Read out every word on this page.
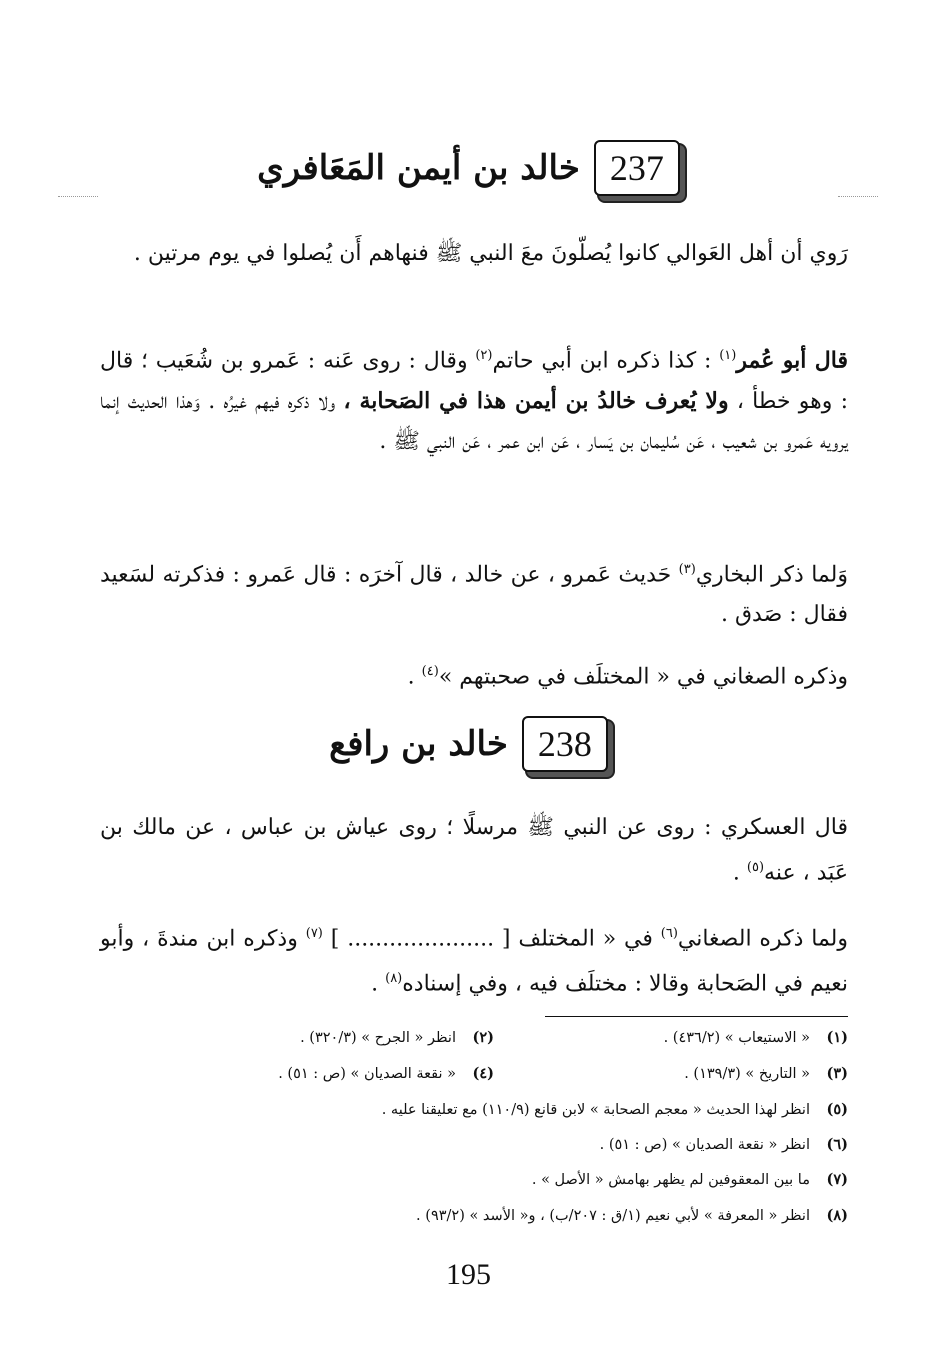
237
خالد بن أيمن المَعَافري
رَوي أن أهل العَوالي كانوا يُصلّونَ معَ النبي ﷺ فنهاهم أَن يُصلوا في يوم مرتين .
قال أبو عُمر$^{(١)}$ : كذا ذكره ابن أبي حاتم$^{(٢)}$ وقال : روى عَنه : عَمرو بن شُعَيب ؛ قال : وهو خطأ ، ولا يُعرف خالدُ بن أيمن هذا في الصَحابة ، ولا ذكره فيهم غيرُه . وَهذا الحديث إنما يرويه عَمرو بن شعيب ، عَن سُليمان بن يَسار ، عَن ابن عمر ، عَن النبي ﷺ .
وَلما ذكر البخاري$^{(٣)}$ حَديث عَمرو ، عن خالد ، قال آخرَه : قال عَمرو : فذكرته لسَعيد فقال : صَدق .
وذكره الصغاني في « المختلَف في صحبتهم »$^{(٤)}$ .
238
خالد بن رافع
قال العسكري : روى عن النبي ﷺ مرسلًا ؛ روى عياش بن عباس ، عن مالك بن عَبَد ، عنه$^{(٥)}$ .
ولما ذكره الصغاني$^{(٦)}$ في « المختلف [ ..................... ] $^{(٧)}$ وذكره ابن مندةَ ، وأبو نعيم في الصَحابة وقالا : مختلَف فيه ، وفي إسناده$^{(٨)}$ .
(١)
« الاستيعاب » (٤٣٦/٢) .
(٢)
انظر « الجرح » (٣٢٠/٣) .
(٣)
« التاريخ » (١٣٩/٣) .
(٤)
« نقعة الصديان » (ص : ٥١) .
(٥)
انظر لهذا الحديث « معجم الصحابة » لابن قانع (١١٠/٩) مع تعليقنا عليه .
(٦)
انظر « نقعة الصديان » (ص : ٥١) .
(٧)
ما بين المعقوفين لم يظهر بهامش « الأصل » .
(٨)
انظر « المعرفة » لأبي نعيم (١/ق : ٢٠٧/ب) ، و« الأسد » (٩٣/٢) .
195
